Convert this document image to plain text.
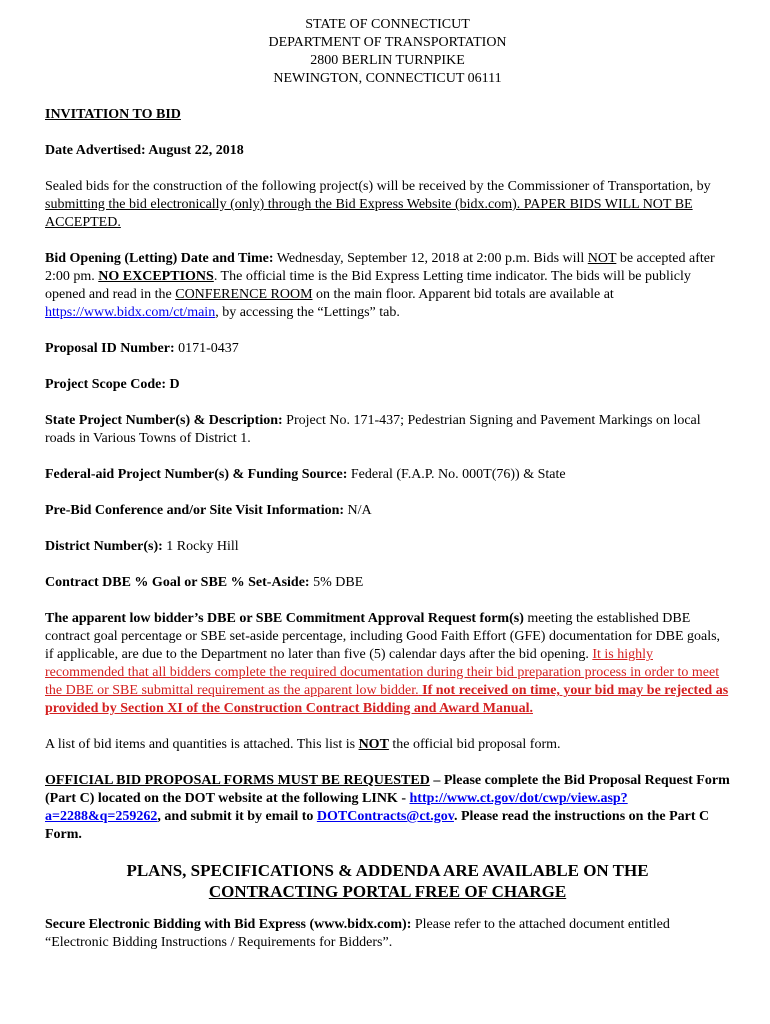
STATE OF CONNECTICUT
DEPARTMENT OF TRANSPORTATION
2800 BERLIN TURNPIKE
NEWINGTON, CONNECTICUT 06111

INVITATION TO BID

Date Advertised: August 22, 2018

Sealed bids for the construction of the following project(s) will be received by the Commissioner of Transportation, by submitting the bid electronically (only) through the Bid Express Website (bidx.com). PAPER BIDS WILL NOT BE ACCEPTED.

Bid Opening (Letting) Date and Time: Wednesday, September 12, 2018 at 2:00 p.m. Bids will NOT be accepted after 2:00 pm. NO EXCEPTIONS. The official time is the Bid Express Letting time indicator. The bids will be publicly opened and read in the CONFERENCE ROOM on the main floor. Apparent bid totals are available at https://www.bidx.com/ct/main, by accessing the “Lettings” tab.

Proposal ID Number: 0171-0437

Project Scope Code: D

State Project Number(s) & Description: Project No. 171-437; Pedestrian Signing and Pavement Markings on local roads in Various Towns of District 1.

Federal-aid Project Number(s) & Funding Source: Federal (F.A.P. No. 000T(76)) & State

Pre-Bid Conference and/or Site Visit Information: N/A

District Number(s): 1 Rocky Hill

Contract DBE % Goal or SBE % Set-Aside: 5% DBE

The apparent low bidder’s DBE or SBE Commitment Approval Request form(s) meeting the established DBE contract goal percentage or SBE set-aside percentage, including Good Faith Effort (GFE) documentation for DBE goals, if applicable, are due to the Department no later than five (5) calendar days after the bid opening. It is highly recommended that all bidders complete the required documentation during their bid preparation process in order to meet the DBE or SBE submittal requirement as the apparent low bidder. If not received on time, your bid may be rejected as provided by Section XI of the Construction Contract Bidding and Award Manual.

A list of bid items and quantities is attached. This list is NOT the official bid proposal form.

OFFICIAL BID PROPOSAL FORMS MUST BE REQUESTED – Please complete the Bid Proposal Request Form (Part C) located on the DOT website at the following LINK - http://www.ct.gov/dot/cwp/view.asp?a=2288&q=259262, and submit it by email to DOTContracts@ct.gov. Please read the instructions on the Part C Form.

PLANS, SPECIFICATIONS & ADDENDA ARE AVAILABLE ON THE
CONTRACTING PORTAL FREE OF CHARGE

Secure Electronic Bidding with Bid Express (www.bidx.com): Please refer to the attached document entitled “Electronic Bidding Instructions / Requirements for Bidders”.
